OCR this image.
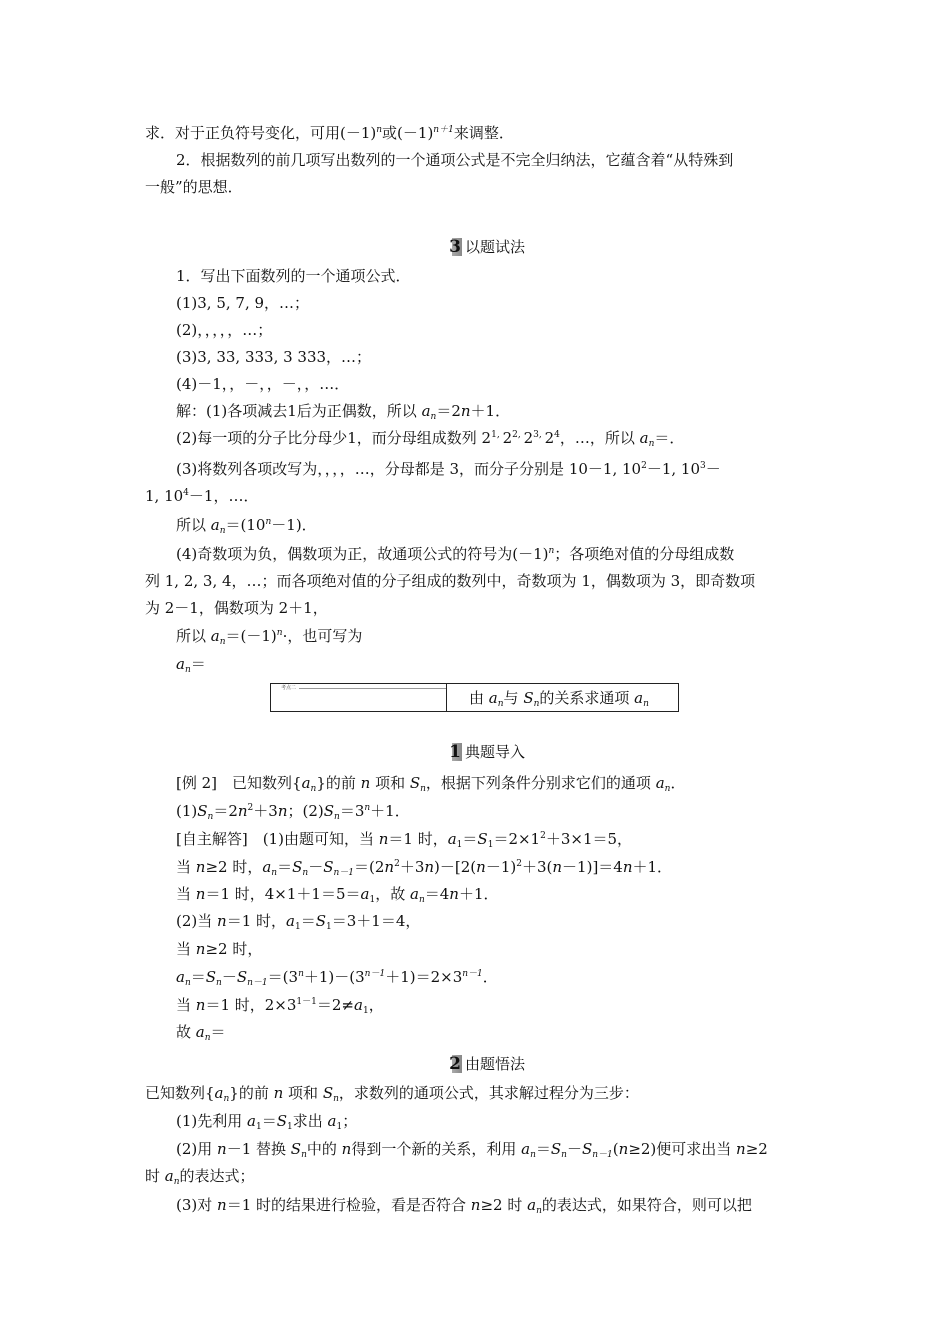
求．对于正负符号变化，可用$(-1)^n$或$(-1)^{n+1}$来调整．
2．根据数列的前几项写出数列的一个通项公式是不完全归纳法，它蕴含着“从特殊到
一般”的思想．
3 以题试法
1．写出下面数列的一个通项公式．
(1)3, 5, 7, 9，…；
(2)，，，，，…；
(3)3, 33, 333, 3 333，…；
(4)－1，，－，，－，，…．
解：(1)各项减去1后为正偶数，所以 $a_n=2n+1$．
(2)每一项的分子比分母少1，而分母组成数列 $2^{1,}$ $2^{2,}$ $2^{3,}$ $2^4$，…，所以 $a_n=$．
(3)将数列各项改写为，，，，…，分母都是 3，而分子分别是 10－1, $10^2-1$, $10^3-$
1, $10^4-1$，…．
所以 $a_n=(10^n-1)$．
(4)奇数项为负，偶数项为正，故通项公式的符号为$(-1)^n$；各项绝对值的分母组成数
列 1, 2, 3, 4，…；而各项绝对值的分子组成的数列中，奇数项为 1，偶数项为 3，即奇数项
为 2－1，偶数项为 2＋1，
所以 $a_n=(-1)^n\cdot$，也可写为
$a_n=$
考点二
由 $a_n$与 $S_n$的关系求通项 $a_n$
1 典题导入
[例 2]　已知数列$\{a_n\}$的前 n 项和 $S_n$，根据下列条件分别求它们的通项 $a_n$．
$(1)S_n=2n^2+3n$；$(2)S_n=3^n+1$．
[自主解答]　(1)由题可知，当 n＝1 时，$a_1=S_1=2\times 1^2+3\times 1=5$，
当 n≥2 时，$a_n=S_n-S_{n-1}=(2n^2+3n)-[2(n-1)^2+3(n-1)]=4n+1$．
当 n＝1 时，$4\times 1+1=5=a_1$，故 $a_n=4n+1$．
(2)当 n＝1 时，$a_1=S_1=3+1=4$，
当 n≥2 时，
$a_n=S_n-S_{n-1}=(3^n+1)-(3^{n-1}+1)=2\times 3^{n-1}$．
当 n＝1 时，$2\times 3^{1-1}=2\ne a_1$，
故 $a_n=$
2 由题悟法
已知数列$\{a_n\}$的前 n 项和 $S_n$，求数列的通项公式，其求解过程分为三步：
(1)先利用 $a_1=S_1$求出 $a_1$；
(2)用 n－1 替换 $S_n$中的 n得到一个新的关系，利用 $a_n=S_n-S_{n-1}(n\ge 2)$便可求出当 n≥2
时 $a_n$的表达式；
(3)对 n＝1 时的结果进行检验，看是否符合 n≥2 时 $a_n$的表达式，如果符合，则可以把
